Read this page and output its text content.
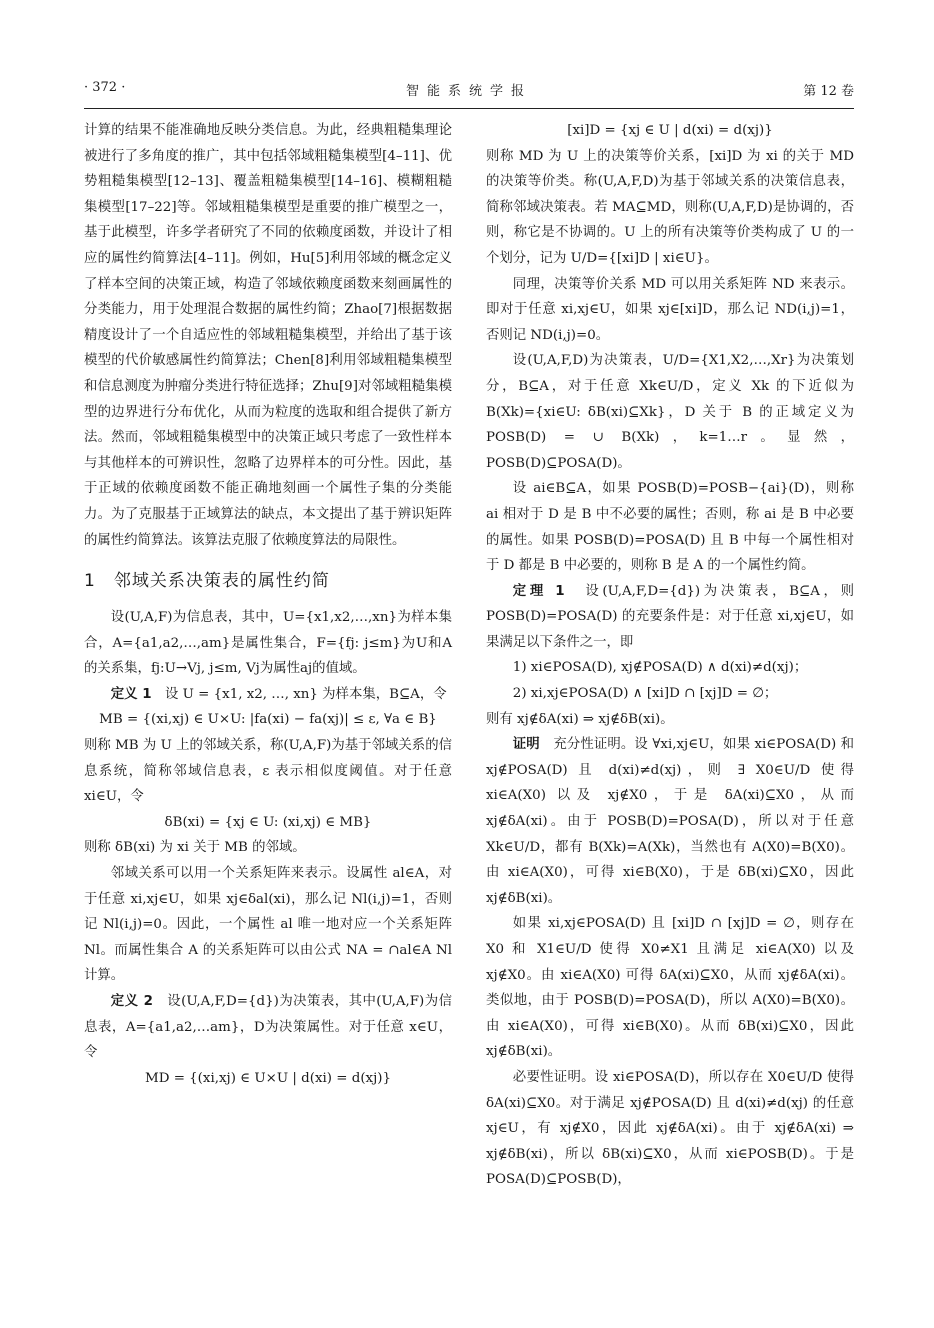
· 372 ·	智能系统学报	第 12 卷

计算的结果不能准确地反映分类信息。为此，经典粗糙集理论被进行了多角度的推广，其中包括邻域粗糙集模型[4–11]、优势粗糙集模型[12–13]、覆盖粗糙集模型[14–16]、模糊粗糙集模型[17–22]等。邻域粗糙集模型是重要的推广模型之一，基于此模型，许多学者研究了不同的依赖度函数，并设计了相应的属性约简算法[4–11]。例如，Hu[5]利用邻域的概念定义了样本空间的决策正域，构造了邻域依赖度函数来刻画属性的分类能力，用于处理混合数据的属性约简；Zhao[7]根据数据精度设计了一个自适应性的邻域粗糙集模型，并给出了基于该模型的代价敏感属性约简算法；Chen[8]利用邻域粗糙集模型和信息测度为肿瘤分类进行特征选择；Zhu[9]对邻域粗糙集模型的边界进行分布优化，从而为粒度的选取和组合提供了新方法。然而，邻域粗糙集模型中的决策正域只考虑了一致性样本与其他样本的可辨识性，忽略了边界样本的可分性。因此，基于正域的依赖度函数不能正确地刻画一个属性子集的分类能力。为了克服基于正域算法的缺点，本文提出了基于辨识矩阵的属性约简算法。该算法克服了依赖度算法的局限性。

1　邻域关系决策表的属性约简

设(U,A,F)为信息表，其中，U={x1,x2,…,xn}为样本集合，A={a1,a2,…,am}是属性集合，F={fj: j≤m}为U和A的关系集，fj:U→Vj, j≤m, Vj为属性aj的值域。

定义 1　 设 U = {x1, x2, …, xn} 为样本集，B⊆A，令

MB = {(xi,xj) ∈ U×U: |fa(xi) − fa(xj)| ≤ ε, ∀a ∈ B}

则称 MB 为 U 上的邻域关系，称(U,A,F)为基于邻域关系的信息系统，简称邻域信息表，ε 表示相似度阈值。对于任意 xi∈U，令

δB(xi) = {xj ∈ U: (xi,xj) ∈ MB}

则称 δB(xi) 为 xi 关于 MB 的邻域。

邻域关系可以用一个关系矩阵来表示。设属性 al∈A，对于任意 xi,xj∈U，如果 xj∈δal(xi)，那么记 Nl(i,j)=1，否则记 Nl(i,j)=0。因此，一个属性 al 唯一地对应一个关系矩阵 Nl。而属性集合 A 的关系矩阵可以由公式 NA = ∩al∈A Nl 计算。

定义 2　 设(U,A,F,D={d})为决策表，其中(U,A,F)为信息表，A={a1,a2,…am}，D为决策属性。对于任意 x∈U，令

MD = {(xi,xj) ∈ U×U | d(xi) = d(xj)}

[xi]D = {xj ∈ U | d(xi) = d(xj)}

则称 MD 为 U 上的决策等价关系，[xi]D 为 xi 的关于 MD 的决策等价类。称(U,A,F,D)为基于邻域关系的决策信息表，简称邻域决策表。若 MA⊆MD，则称(U,A,F,D)是协调的，否则，称它是不协调的。U 上的所有决策等价类构成了 U 的一个划分，记为 U/D={[xi]D | xi∈U}。

同理，决策等价关系 MD 可以用关系矩阵 ND 来表示。即对于任意 xi,xj∈U，如果 xj∈[xi]D，那么记 ND(i,j)=1，否则记 ND(i,j)=0。

设(U,A,F,D)为决策表，U/D={X1,X2,…,Xr}为决策划分，B⊆A，对于任意 Xk∈U/D，定义 Xk 的下近似为 B(Xk)={xi∈U: δB(xi)⊆Xk}，D 关于 B 的正域定义为 POSB(D) = ∪ B(Xk)，k=1…r。显然，POSB(D)⊆POSA(D)。

设 ai∈B⊆A，如果 POSB(D)=POSB−{ai}(D)，则称 ai 相对于 D 是 B 中不必要的属性；否则，称 ai 是 B 中必要的属性。如果 POSB(D)=POSA(D) 且 B 中每一个属性相对于 D 都是 B 中必要的，则称 B 是 A 的一个属性约简。

定理 1　 设(U,A,F,D={d})为决策表，B⊆A，则 POSB(D)=POSA(D) 的充要条件是：对于任意 xi,xj∈U，如果满足以下条件之一，即

1) xi∈POSA(D), xj∉POSA(D) ∧ d(xi)≠d(xj)；

2) xi,xj∈POSA(D) ∧ [xi]D ∩ [xj]D = ∅；

则有 xj∉δA(xi) ⇒ xj∉δB(xi)。

证明　 充分性证明。设 ∀xi,xj∈U，如果 xi∈POSA(D) 和 xj∉POSA(D) 且 d(xi)≠d(xj)，则 ∃ X0∈U/D 使得 xi∈A(X0) 以及 xj∉X0，于是 δA(xi)⊆X0，从而 xj∉δA(xi)。由于 POSB(D)=POSA(D)，所以对于任意 Xk∈U/D，都有 B(Xk)=A(Xk)，当然也有 A(X0)=B(X0)。由 xi∈A(X0)，可得 xi∈B(X0)，于是 δB(xi)⊆X0，因此 xj∉δB(xi)。

如果 xi,xj∈POSA(D) 且 [xi]D ∩ [xj]D = ∅，则存在 X0 和 X1∈U/D 使得 X0≠X1 且满足 xi∈A(X0) 以及 xj∉X0。由 xi∈A(X0) 可得 δA(xi)⊆X0，从而 xj∉δA(xi)。类似地，由于 POSB(D)=POSA(D)，所以 A(X0)=B(X0)。由 xi∈A(X0)，可得 xi∈B(X0)。从而 δB(xi)⊆X0，因此 xj∉δB(xi)。

必要性证明。设 xi∈POSA(D)，所以存在 X0∈U/D 使得 δA(xi)⊆X0。对于满足 xj∉POSA(D) 且 d(xi)≠d(xj) 的任意 xj∈U，有 xj∉X0，因此 xj∉δA(xi)。由于 xj∉δA(xi) ⇒ xj∉δB(xi)，所以 δB(xi)⊆X0，从而 xi∈POSB(D)。于是 POSA(D)⊆POSB(D)，
